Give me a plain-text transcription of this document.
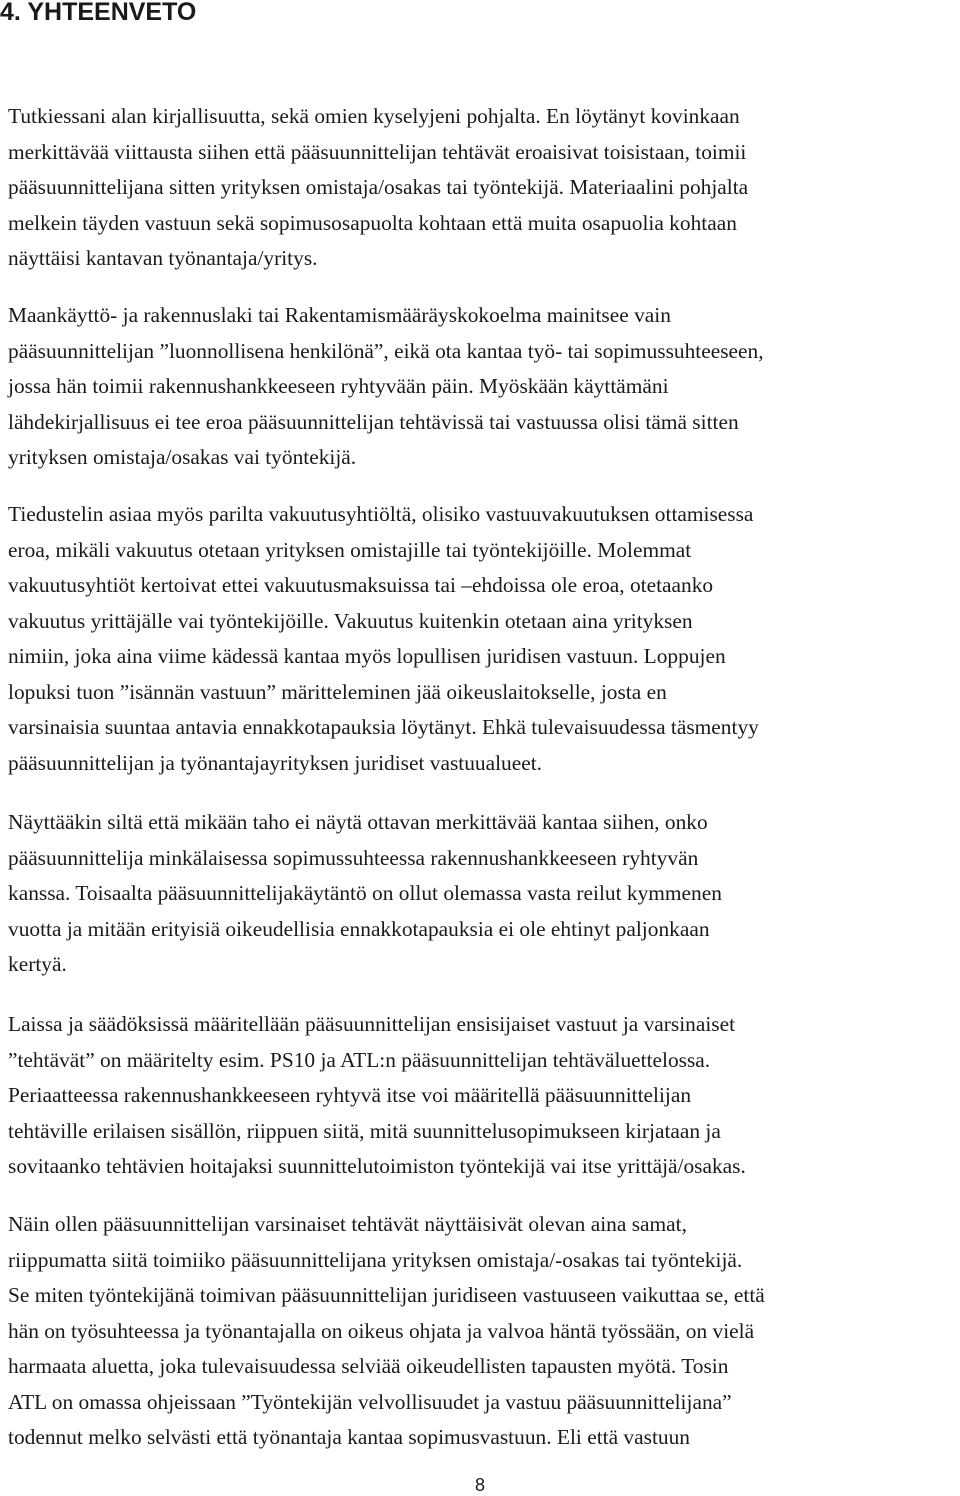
4. YHTEENVETO

Tutkiessani alan kirjallisuutta, sekä omien kyselyjeni pohjalta. En löytänyt kovinkaan
merkittävää viittausta siihen että pääsuunnittelijan tehtävät eroaisivat toisistaan, toimii
pääsuunnittelijana sitten yrityksen omistaja/osakas tai työntekijä. Materiaalini pohjalta
melkein täyden vastuun sekä sopimusosapuolta kohtaan että muita osapuolia kohtaan
näyttäisi kantavan työnantaja/yritys.

Maankäyttö- ja rakennuslaki tai Rakentamismääräyskokoelma mainitsee vain
pääsuunnittelijan ”luonnollisena henkilönä”, eikä ota kantaa työ- tai sopimussuhteeseen,
jossa hän toimii rakennushankkeeseen ryhtyvään päin. Myöskään käyttämäni
lähdekirjallisuus ei tee eroa pääsuunnittelijan tehtävissä tai vastuussa olisi tämä sitten
yrityksen omistaja/osakas vai työntekijä.

Tiedustelin asiaa myös parilta vakuutusyhtiöltä, olisiko vastuuvakuutuksen ottamisessa
eroa, mikäli vakuutus otetaan yrityksen omistajille tai työntekijöille. Molemmat
vakuutusyhtiöt kertoivat ettei vakuutusmaksuissa tai –ehdoissa ole eroa, otetaanko
vakuutus yrittäjälle vai työntekijöille. Vakuutus kuitenkin otetaan aina yrityksen
nimiin, joka aina viime kädessä kantaa myös lopullisen juridisen vastuun. Loppujen
lopuksi tuon ”isännän vastuun” märitteleminen jää oikeuslaitokselle, josta en
varsinaisia suuntaa antavia ennakkotapauksia löytänyt. Ehkä tulevaisuudessa täsmentyy
pääsuunnittelijan ja työnantajayrityksen juridiset vastuualueet.

Näyttääkin siltä että mikään taho ei näytä ottavan merkittävää kantaa siihen, onko
pääsuunnittelija minkälaisessa sopimussuhteessa rakennushankkeeseen ryhtyvän
kanssa. Toisaalta pääsuunnittelijakäytäntö on ollut olemassa vasta reilut kymmenen
vuotta ja mitään erityisiä oikeudellisia ennakkotapauksia ei ole ehtinyt paljonkaan
kertyä.

Laissa ja säädöksissä määritellään pääsuunnittelijan ensisijaiset vastuut ja varsinaiset
”tehtävät” on määritelty esim. PS10 ja ATL:n pääsuunnittelijan tehtäväluettelossa.
Periaatteessa rakennushankkeeseen ryhtyvä itse voi määritellä pääsuunnittelijan
tehtäville erilaisen sisällön, riippuen siitä, mitä suunnittelusopimukseen kirjataan ja
sovitaanko tehtävien hoitajaksi suunnittelutoimiston työntekijä vai itse yrittäjä/osakas.

Näin ollen pääsuunnittelijan varsinaiset tehtävät näyttäisivät olevan aina samat,
riippumatta siitä toimiiko pääsuunnittelijana yrityksen omistaja/-osakas tai työntekijä.
Se miten työntekijänä toimivan pääsuunnittelijan juridiseen vastuuseen vaikuttaa se, että
hän on työsuhteessa ja työnantajalla on oikeus ohjata ja valvoa häntä työssään, on vielä
harmaata aluetta, joka tulevaisuudessa selviää oikeudellisten tapausten myötä. Tosin
ATL on omassa ohjeissaan ”Työntekijän velvollisuudet ja vastuu pääsuunnittelijana”
todennut melko selvästi että työnantaja kantaa sopimusvastuun. Eli että vastuun

8
